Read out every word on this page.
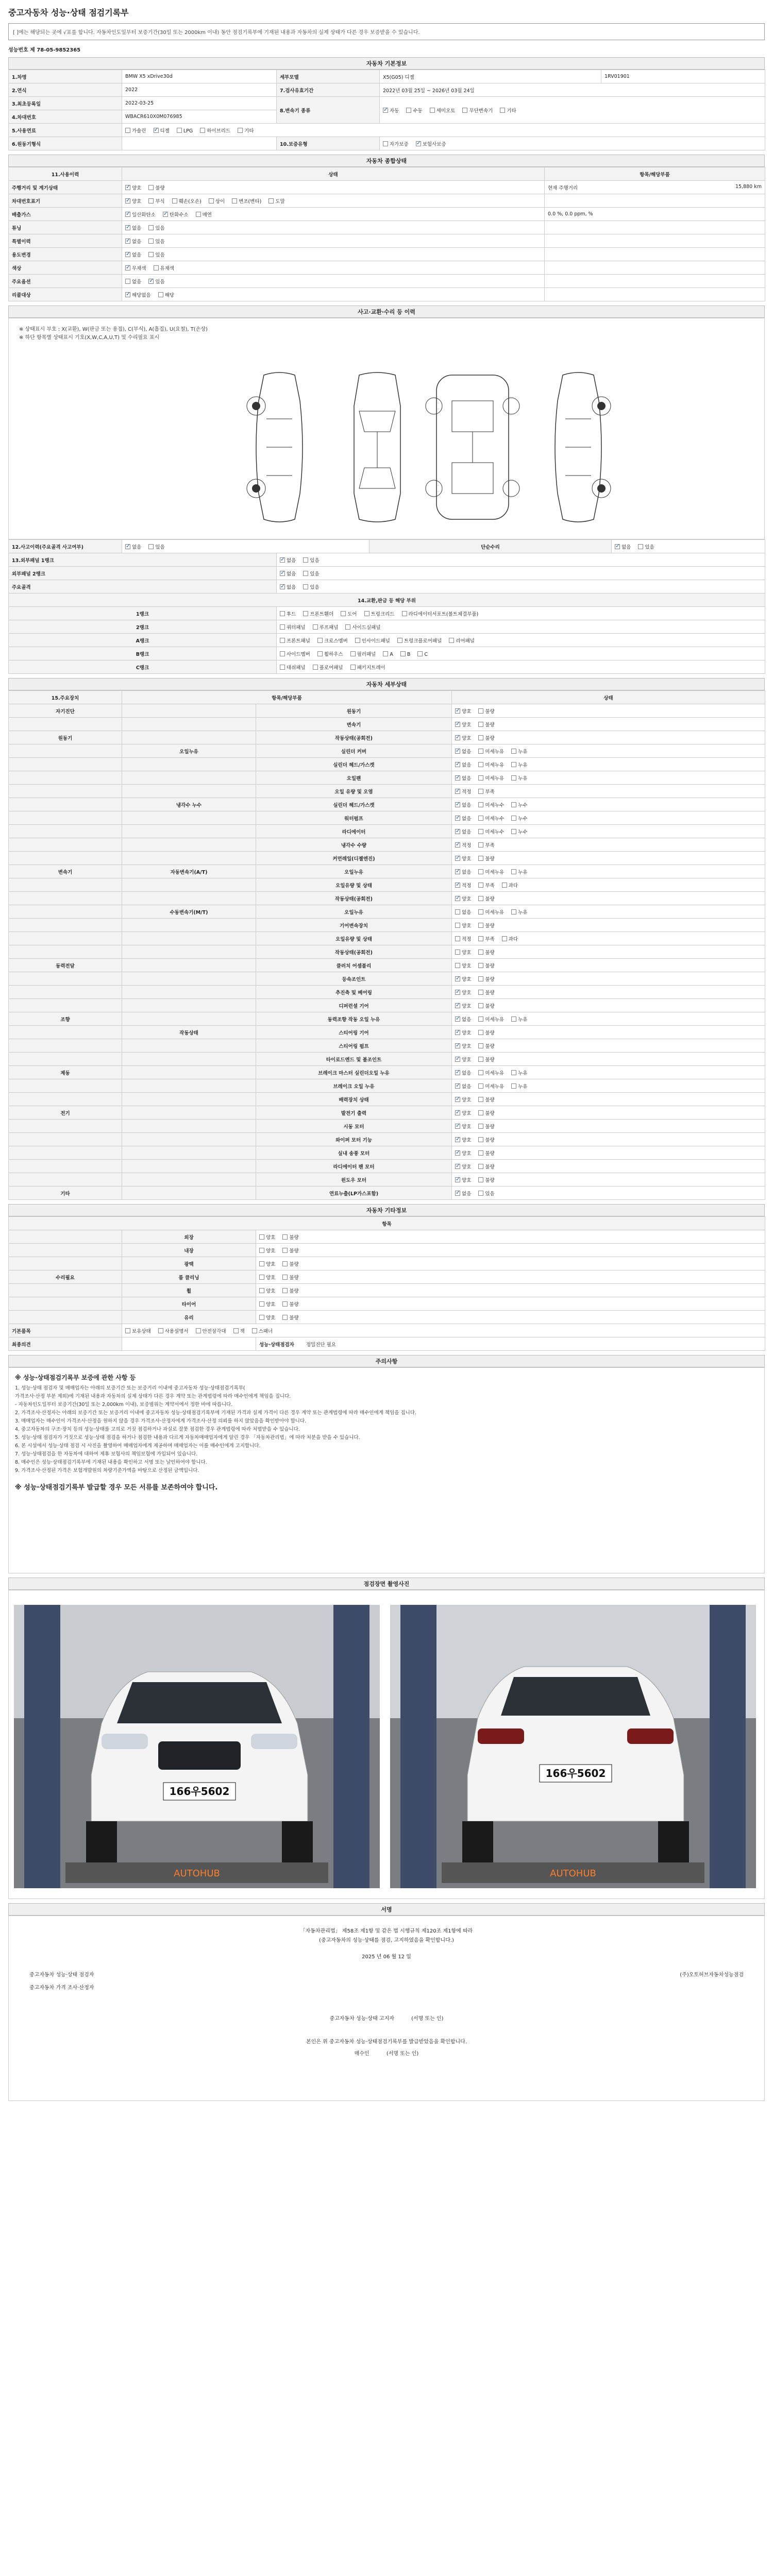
중고자동차 성능·상태 점검기록부
[ ]에는 해당되는 곳에 √표를 합니다. 자동차인도일부터 보증기간(30일 또는 2000km 이내) 동안 점검기록부에 기재된 내용과 자동차의 실제 상태가 다른 경우 보증받을 수 있습니다.
성능번호 제 78-05-9852365
자동차 기본정보
1.차명	BMW X5 xDrive30d	세부모델	X5(G05) 디젤	1RV01901
2.연식	2022	7.검사유효기간	2022년 03월 25일 ~ 2026년 03월 24일	
3.최초등록일	2022-03-25	8.변속기 종류	✓자동 수동 세미오토 무단변속기 기타
4.차대번호	WBACR610X0M076985			
5.사용연료	가솔린 ✓ 디젤 LPG 하이브리드 기타
6.원동기형식		10.보증유형	자가보증 ✓ 보험사보증
자동차 종합상태
11.사용이력	상태	항목/해당부품
주행거리 및 계기상태	✓양호 불량	현재 주행거리 15,880 km

차대번호표기	✓양호 부식 훼손(오손) 상이 변조(변타) 도말	

배출가스	✓일산화탄소 ✓ 탄화수소 매연	0.0 %, 0.0 ppm, %

튜닝	✓없음 있음	

특별이력	✓없음 있음	

용도변경	✓없음 있음	

색상	✓무채색 유채색	

주요옵션	없음 ✓ 있음	

리콜대상	✓해당없음 해당	
사고·교환·수리 등 이력
※ 상태표시 부호 : X(교환), W(판금 또는 용접), C(부식), A(흠집), U(요철), T(손상)
※ 하단 항목별 상태표시 기호(X,W,C,A,U,T) 및 수리필요 표시
12.사고이력(주요골격 사고여부)	✓없음 있음		단순수리	✓없음 있음
13.외부패널 1랭크	✓없음 있음
외부패널 2랭크	✓없음 있음
주요골격	✓없음 있음
14.교환,판금 등 해당 부위				
1랭크		후드 프론트휀더 도어 트렁크리드 라디에이터서포트(볼트체결부품)		
2랭크		쿼터패널 루프패널 사이드실패널		
A랭크		프론트패널 크로스멤버 인사이드패널 트렁크플로어패널 리어패널		
B랭크		사이드멤버 휠하우스 필러패널 A B C		
C랭크		대쉬패널 플로어패널 패키지트레이		
자동차 세부상태
15.주요장치	항목/해당부품		상태
자기진단		원동기	✓양호 불량
		변속기	✓양호 불량
원동기		작동상태(공회전)	✓양호 불량
	오일누유	실린더 커버	✓없음 미세누유 누유
		실린더 헤드/가스켓	✓없음 미세누유 누유
		오일팬	✓없음 미세누유 누유
		오일 유량 및 오염	✓적정 부족
	냉각수 누수	실린더 헤드/가스켓	✓없음 미세누수 누수
		워터펌프	✓없음 미세누수 누수
		라디에이터	✓없음 미세누수 누수
		냉각수 수량	✓적정 부족
		커먼레일(디젤엔진)	✓양호 불량
변속기	자동변속기(A/T)	오일누유	✓없음 미세누유 누유
		오일유량 및 상태	✓적정 부족 과다
		작동상태(공회전)	✓양호 불량
	수동변속기(M/T)	오일누유	없음 미세누유 누유
		기어변속장치	양호 불량
		오일유량 및 상태	적정 부족 과다
		작동상태(공회전)	양호 불량
동력전달		클러치 어셈블리	양호 불량
		등속조인트	✓양호 불량
		추진축 및 베어링	✓양호 불량
		디퍼런셜 기어	✓양호 불량
조향		동력조향 작동 오일 누유	✓없음 미세누유 누유
	작동상태	스티어링 기어	✓양호 불량
		스티어링 펌프	✓양호 불량
		타이로드엔드 및 볼조인트	✓양호 불량
제동		브레이크 마스터 실린더오일 누유	✓없음 미세누유 누유
		브레이크 오일 누유	✓없음 미세누유 누유
		배력장치 상태	✓양호 불량
전기		발전기 출력	✓양호 불량
		시동 모터	✓양호 불량
		와이퍼 모터 기능	✓양호 불량
		실내 송풍 모터	✓양호 불량
		라디에이터 팬 모터	✓양호 불량
		윈도우 모터	✓양호 불량
기타		연료누출(LP가스포함)	✓없음 있음
자동차 기타정보
항목		
	외장	양호 불량
	내장	양호 불량
	광택	양호 불량
수리필요	룸 클리닝	양호 불량
	휠	양호 불량
	타이어	양호 불량
	유리	양호 불량
기본품목	보유상태 사용설명서 안전삼각대 잭 스패너	
최종의견		성능·상태점검자 정밀진단 필요
주의사항
※ 성능·상태점검기록부 보증에 관한 사항 등

1. 성능·상태 점검자 및 매매업자는 아래의 보증기간 또는 보증거리 이내에 중고자동차 성능·상태점검기록부(

가격조사·산정 부분 제외)에 기재된 내용과 자동차의 실제 상태가 다른 경우 계약 또는 관계법령에 따라 매수인에게 책임을 집니다.

- 자동차인도일부터 보증기간(30일 또는 2,000km 이내), 보증범위는 계약서에서 정한 바에 따릅니다.

2. 가격조사·산정자는 아래의 보증기간 또는 보증거리 이내에 중고자동차 성능·상태점검기록부에 기재된 가격과 실제 가격이 다른 경우 계약 또는 관계법령에 따라 매수인에게 책임을 집니다.

3. 매매업자는 매수인이 가격조사·산정을 원하지 않을 경우 가격조사·산정자에게 가격조사·산정 의뢰를 하지 않았음을 확인받아야 합니다.

4. 중고자동차의 구조·장치 등의 성능·상태를 고의로 거짓 점검하거나 과실로 잘못 점검한 경우 관계법령에 따라 처벌받을 수 있습니다.

5. 성능·상태 점검자가 거짓으로 성능·상태 점검을 하거나 점검한 내용과 다르게 자동차매매업자에게 알린 경우 「자동차관리법」에 따라 처분을 받을 수 있습니다.

6. 본 시설에서 성능·상태 점검 시 사진을 촬영하여 매매업자에게 제공하며 매매업자는 이를 매수인에게 고지합니다.

7. 성능·상태점검을 한 자동차에 대하여 제휴 보험사의 책임보험에 가입되어 있습니다.

8. 매수인은 성능·상태점검기록부에 기재된 내용을 확인하고 서명 또는 날인하여야 합니다.

9. 가격조사·산정된 가격은 보험개발원의 차량기준가액을 바탕으로 산정된 금액입니다.

※ 성능·상태점검기록부 발급할 경우 모든 서류를 보존하여야 합니다.
점검장면 촬영사진
166우5602
AUTOHUB
166우5602
AUTOHUB
서명
「자동차관리법」 제58조 제1항 및 같은 법 시행규칙 제120조 제1항에 따라
(중고자동차의 성능·상태를 점검, 고지하였음을 확인합니다.)
2025 년 06 월 12 일
중고자동차 성능·상태 점검자	(주)오토허브자동차성능점검
중고자동차 가격 조사·산정자
중고자동차 성능·상태 고지자	(서명 또는 인)
본인은 위 중고자동차 성능·상태점검기록부를 발급받았음을 확인합니다.
매수인	(서명 또는 인)
